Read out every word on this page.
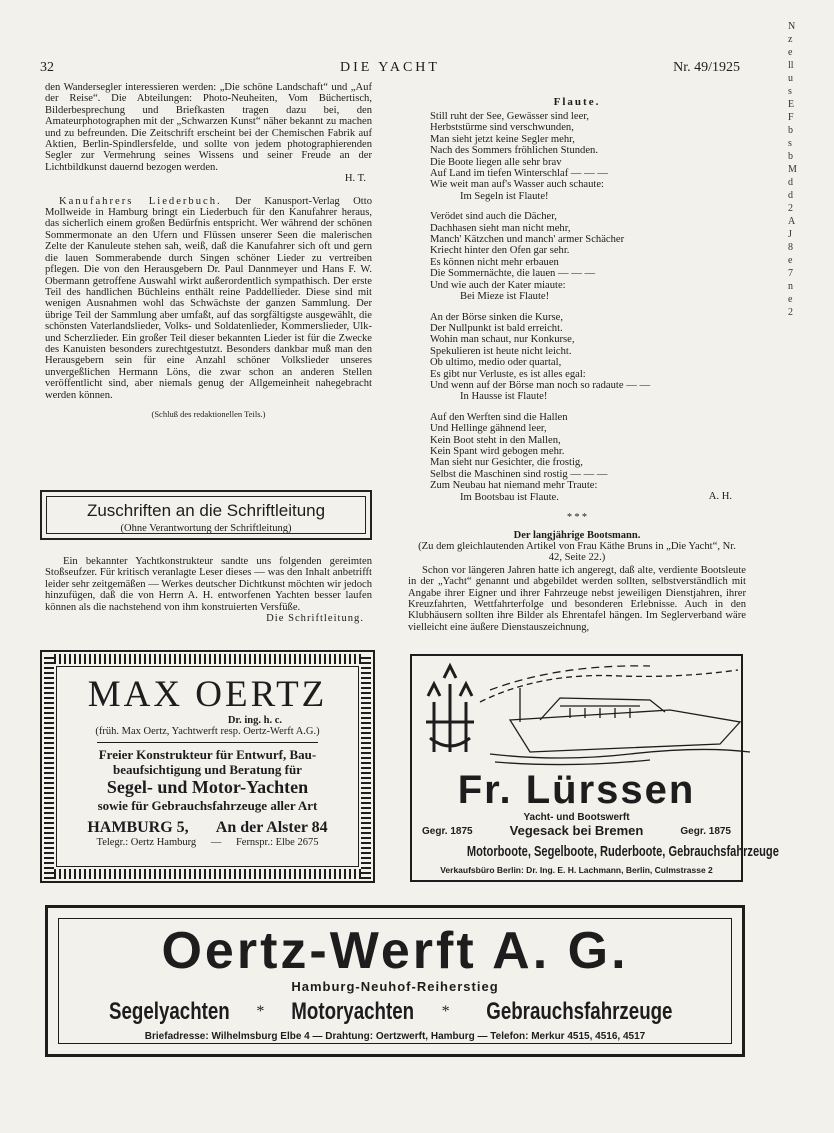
32	DIE YACHT	Nr. 49/1925

den Wandersegler interessieren werden: „Die schöne Landschaft“ und „Auf der Reise“. Die Abteilungen: Photo-Neuheiten, Vom Büchertisch, Bilderbesprechung und Briefkasten tragen dazu bei, den Amateurphotographen mit der „Schwarzen Kunst“ näher bekannt zu machen und zu befreunden. Die Zeitschrift erscheint bei der Chemischen Fabrik auf Aktien, Berlin-Spindlersfelde, und sollte von jedem photographierenden Segler zur Vermehrung seines Wissens und seiner Freude an der Lichtbildkunst dauernd bezogen werden.

H. T.

Kanufahrers Liederbuch. Der Kanusport-Verlag Otto Mollweide in Hamburg bringt ein Liederbuch für den Kanufahrer heraus, das sicherlich einem großen Bedürfnis entspricht. Wer während der schönen Sommermonate an den Ufern und Flüssen unserer Seen die malerischen Zelte der Kanuleute stehen sah, weiß, daß die Kanufahrer sich oft und gern die lauen Sommerabende durch Singen schöner Lieder zu vertreiben pflegen. Die von den Herausgebern Dr. Paul Dannmeyer und Hans F. W. Obermann getroffene Auswahl wirkt außerordentlich sympathisch. Der erste Teil des handlichen Büchleins enthält reine Paddellieder. Diese sind mit wenigen Ausnahmen wohl das Schwächste der ganzen Sammlung. Der übrige Teil der Sammlung aber umfaßt, auf das sorgfältigste ausgewählt, die schönsten Vaterlandslieder, Volks- und Soldatenlieder, Kommerslieder, Ulk- und Scherzlieder. Ein großer Teil dieser bekannten Lieder ist für die Zwecke des Kanuisten besonders zurechtgestutzt. Besonders dankbar muß man den Herausgebern sein für eine Anzahl schöner Volkslieder unseres unvergeßlichen Hermann Löns, die zwar schon an anderen Stellen veröffentlicht sind, aber niemals genug der Allgemeinheit nahegebracht werden können.

(Schluß des redaktionellen Teils.)

Zuschriften an die Schriftleitung
(Ohne Verantwortung der Schriftleitung)

Ein bekannter Yachtkonstrukteur sandte uns folgenden gereimten Stoßseufzer. Für kritisch veranlagte Leser dieses — was den Inhalt anbetrifft leider sehr zeitgemäßen — Werkes deutscher Dichtkunst möchten wir jedoch hinzufügen, daß die von Herrn A. H. entworfenen Yachten besser laufen können als die nachstehend von ihm konstruierten Versfüße.

Die Schriftleitung.

Flaute.
Still ruht der See, Gewässer sind leer,
Herbststürme sind verschwunden,
Man sieht jetzt keine Segler mehr,
Nach des Sommers fröhlichen Stunden.
Die Boote liegen alle sehr brav
Auf Land im tiefen Winterschlaf — — —
Wie weit man auf's Wasser auch schaute:
Im Segeln ist Flaute!
Verödet sind auch die Dächer,
Dachhasen sieht man nicht mehr,
Manch' Kätzchen und manch' armer Schächer
Kriecht hinter den Ofen gar sehr.
Es können nicht mehr erbauen
Die Sommernächte, die lauen — — —
Und wie auch der Kater miaute:
Bei Mieze ist Flaute!
An der Börse sinken die Kurse,
Der Nullpunkt ist bald erreicht.
Wohin man schaut, nur Konkurse,
Spekulieren ist heute nicht leicht.
Ob ultimo, medio oder quartal,
Es gibt nur Verluste, es ist alles egal:
Und wenn auf der Börse man noch so radaute — —
In Hausse ist Flaute!
Auf den Werften sind die Hallen
Und Hellinge gähnend leer,
Kein Boot steht in den Mallen,
Kein Spant wird gebogen mehr.
Man sieht nur Gesichter, die frostig,
Selbst die Maschinen sind rostig — — —
Zum Neubau hat niemand mehr Traute:
Im Bootsbau ist Flaute.	A. H.
* * *
Der langjährige Bootsmann.
(Zu dem gleichlautenden Artikel von Frau Käthe Bruns in „Die Yacht“, Nr. 42, Seite 22.)
Schon vor längeren Jahren hatte ich angeregt, daß alte, verdiente Bootsleute in der „Yacht“ genannt und abgebildet werden sollten, selbstverständlich mit Angabe ihrer Eigner und ihrer Fahrzeuge nebst jeweiligen Dienstjahren, ihrer Kreuzfahrten, Wettfahrterfolge und besonderen Erlebnisse. Auch in den Klubhäusern sollten ihre Bilder als Ehrentafel hängen. Im Seglerverband wäre vielleicht eine äußere Dienstauszeichnung,
MAX OERTZ
Dr. ing. h. c.
(früh. Max Oertz, Yachtwerft resp. Oertz-Werft A.G.)
Freier Konstrukteur für Entwurf, Bau-
beaufsichtigung und Beratung für
Segel- und Motor-Yachten
sowie für Gebrauchsfahrzeuge aller Art
HAMBURG 5, An der Alster 84
Telegr.: Oertz Hamburg — Fernspr.: Elbe 2675
Fr. Lürssen
Yacht- und Bootswerft
Gegr. 1875	Vegesack bei Bremen	Gegr. 1875
Motorboote, Segelboote, Ruderboote, Gebrauchsfahrzeuge
Verkaufsbüro Berlin: Dr. Ing. E. H. Lachmann, Berlin, Culmstrasse 2
Oertz-Werft A. G.
Hamburg-Neuhof-Reiherstieg
Segelyachten * Motoryachten * Gebrauchsfahrzeuge
Briefadresse: Wilhelmsburg Elbe 4 — Drahtung: Oertzwerft, Hamburg — Telefon: Merkur 4515, 4516, 4517
N z e ll u s E F b s b M d d 2 A J 8 e 7 n e 2
